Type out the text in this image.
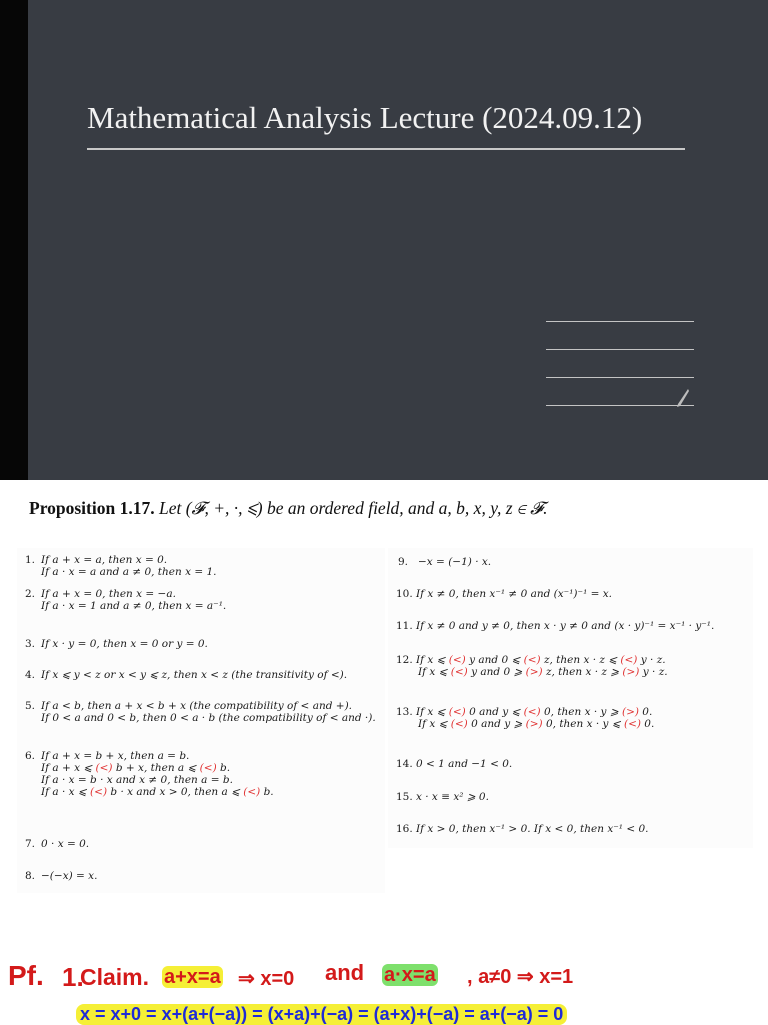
Mathematical Analysis Lecture (2024.09.12)
Proposition 1.17. Let (𝓕, +, ·, ⩽) be an ordered field, and a, b, x, y, z ∈ 𝓕.
1. If a + x = a, then x = 0.
If a · x = a and a ≠ 0, then x = 1.
2. If a + x = 0, then x = −a.
If a · x = 1 and a ≠ 0, then x = a⁻¹.
3. If x · y = 0, then x = 0 or y = 0.
4. If x ⩽ y < z or x < y ⩽ z, then x < z (the transitivity of <).
5. If a < b, then a + x < b + x (the compatibility of < and +).
If 0 < a and 0 < b, then 0 < a · b (the compatibility of < and ·).
6. If a + x = b + x, then a = b.
If a + x ⩽ (<) b + x, then a ⩽ (<) b.
If a · x = b · x and x ≠ 0, then a = b.
If a · x ⩽ (<) b · x and x > 0, then a ⩽ (<) b.
7. 0 · x = 0.
8. −(−x) = x.
9. −x = (−1) · x.
10. If x ≠ 0, then x⁻¹ ≠ 0 and (x⁻¹)⁻¹ = x.
11. If x ≠ 0 and y ≠ 0, then x · y ≠ 0 and (x · y)⁻¹ = x⁻¹ · y⁻¹.
12. If x ⩽ (<) y and 0 ⩽ (<) z, then x · z ⩽ (<) y · z.
If x ⩽ (<) y and 0 ⩾ (>) z, then x · z ⩾ (>) y · z.
13. If x ⩽ (<) 0 and y ⩽ (<) 0, then x · y ⩾ (>) 0.
If x ⩽ (<) 0 and y ⩾ (>) 0, then x · y ⩽ (<) 0.
14. 0 < 1 and −1 < 0.
15. x · x ≡ x² ⩾ 0.
16. If x > 0, then x⁻¹ > 0. If x < 0, then x⁻¹ < 0.
Pf. 1.
Claim. a+x=a ⇒ x=0 and a·x=a , a≠0 ⇒ x=1
x = x+0 = x+(a+(−a)) = (x+a)+(−a) = (a+x)+(−a) = a+(−a) = 0
